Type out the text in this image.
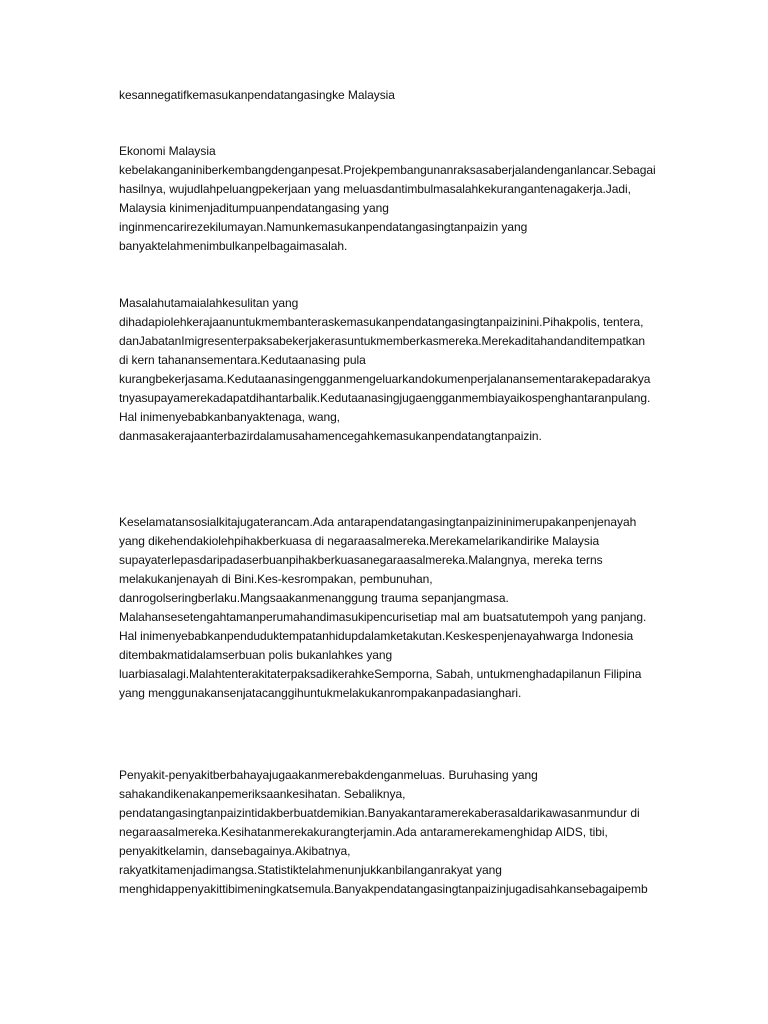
kesannegatifkemasukanpendatangasingke Malaysia
Ekonomi Malaysia
kebelakanganiniberkembangdenganpesat.Projekpembangunanraksasaberjalandenganlancar.Sebagai
hasilnya, wujudlahpeluangpekerjaan yang meluasdantimbulmasalahkekurangantenagakerja.Jadi,
Malaysia kinimenjaditumpuanpendatangasing yang
inginmencarirezekilumayan.Namunkemasukanpendatangasingtanpaizin yang
banyaktelahmenimbulkanpelbagaimasalah.
Masalahutamaialahkesulitan yang
dihadapiolehkerajaanuntukmembanteraskemasukanpendatangasingtanpaizinini.Pihakpolis, tentera,
danJabatanImigresenterpaksabekerjakerasuntukmemberkasmereka.Merekaditahandanditempatkan
di kern tahanansementara.Kedutaanasing pula
kurangbekerjasama.Kedutaanasingengganmengeluarkandokumenperjalanansementarakepadarakya
tnyasupayamerekadapatdihantarbalik.Kedutaanasingjugaengganmembiayaikospenghantaranpulang.
Hal inimenyebabkanbanyaktenaga, wang,
danmasakerajaanterbazirdalamusahamencegahkemasukanpendatangtanpaizin.
Keselamatansosialkitajugaterancam.Ada antarapendatangasingtanpaizininimerupakanpenjenayah
yang dikehendakiolehpihakberkuasa di negaraasalmereka.Merekamelarikandirike Malaysia
supayaterlepasdaripadaserbuanpihakberkuasanegaraasalmereka.Malangnya, mereka terns
melakukanjenayah di Bini.Kes-kesrompakan, pembunuhan,
danrogolseringberlaku.Mangsaakanmenanggung trauma sepanjangmasa.
Malahansesetengahtamanperumahandimasukipencurisetiap mal am buatsatutempoh yang panjang.
Hal inimenyebabkanpenduduktempatanhidupdalamketakutan.Keskespenjenayahwarga Indonesia
ditembakmatidalamserbuan polis bukanlahkes yang
luarbiasalagi.MalahtenterakitaterpaksadikerahkeSemporna, Sabah, untukmenghadapilanun Filipina
yang menggunakansenjatacanggihuntukmelakukanrompakanpadasianghari.
Penyakit-penyakitberbahayajugaakanmerebakdenganmeluas. Buruhasing yang
sahakandikenakanpemeriksaankesihatan. Sebaliknya,
pendatangasingtanpaizintidakberbuatdemikian.Banyakantaramerekaberasaldarikawasanmundur di
negaraasalmereka.Kesihatanmerekakurangterjamin.Ada antaramerekamenghidap AIDS, tibi,
penyakitkelamin, dansebagainya.Akibatnya,
rakyatkitamenjadimangsa.Statistiktelahmenunjukkanbilanganrakyat yang
menghidappenyakittibimeningkatsemula.Banyakpendatangasingtanpaizinjugadisahkansebagaipemb
